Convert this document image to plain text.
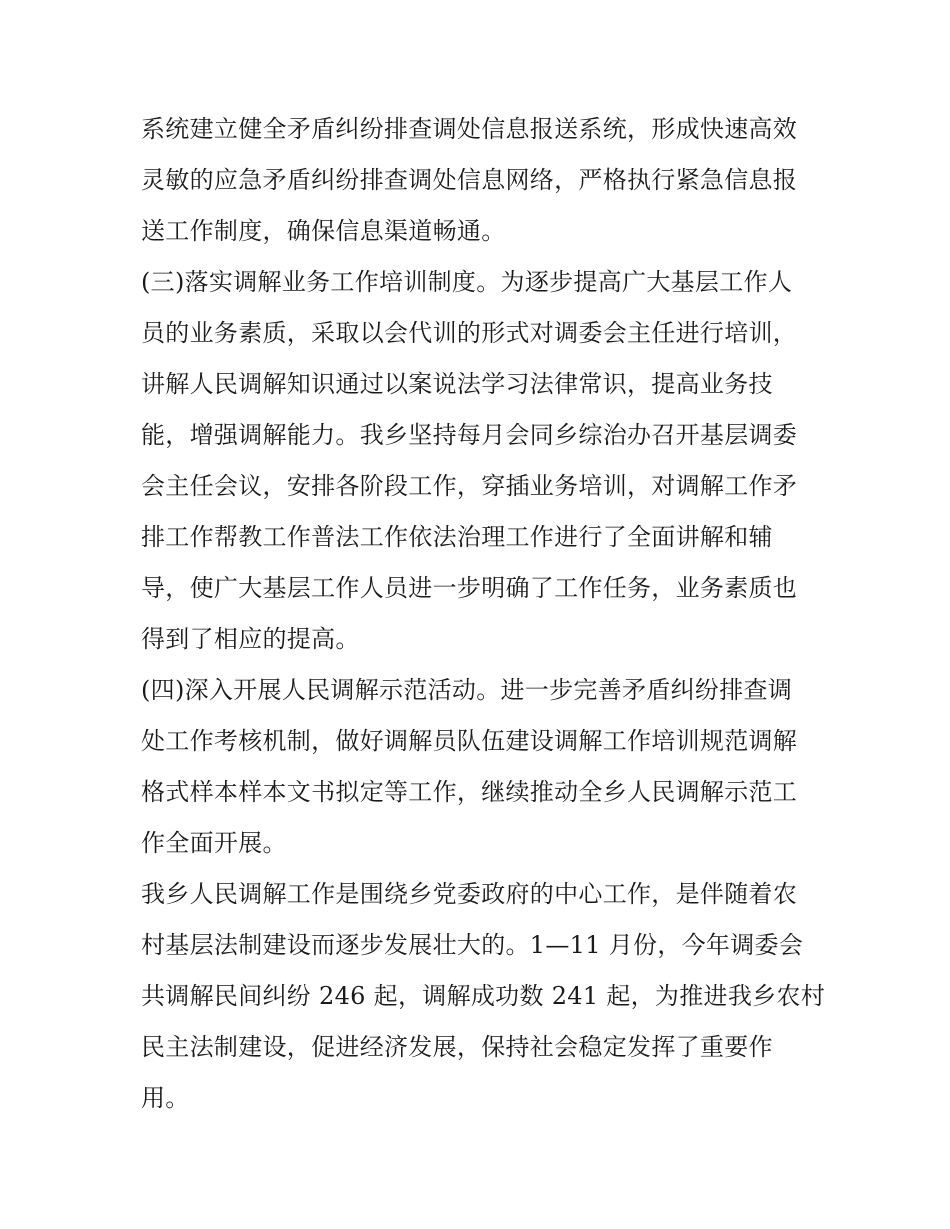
系统建立健全矛盾纠纷排查调处信息报送系统，形成快速高效
灵敏的应急矛盾纠纷排查调处信息网络，严格执行紧急信息报
送工作制度，确保信息渠道畅通。
(三)落实调解业务工作培训制度。为逐步提高广大基层工作人
员的业务素质，采取以会代训的形式对调委会主任进行培训，
讲解人民调解知识通过以案说法学习法律常识，提高业务技
能，增强调解能力。我乡坚持每月会同乡综治办召开基层调委
会主任会议，安排各阶段工作，穿插业务培训，对调解工作矛
排工作帮教工作普法工作依法治理工作进行了全面讲解和辅
导，使广大基层工作人员进一步明确了工作任务，业务素质也
得到了相应的提高。
(四)深入开展人民调解示范活动。进一步完善矛盾纠纷排查调
处工作考核机制，做好调解员队伍建设调解工作培训规范调解
格式样本样本文书拟定等工作，继续推动全乡人民调解示范工
作全面开展。
我乡人民调解工作是围绕乡党委政府的中心工作，是伴随着农
村基层法制建设而逐步发展壮大的。1—11 月份，今年调委会
共调解民间纠纷 246 起，调解成功数 241 起，为推进我乡农村
民主法制建设，促进经济发展，保持社会稳定发挥了重要作
用。
